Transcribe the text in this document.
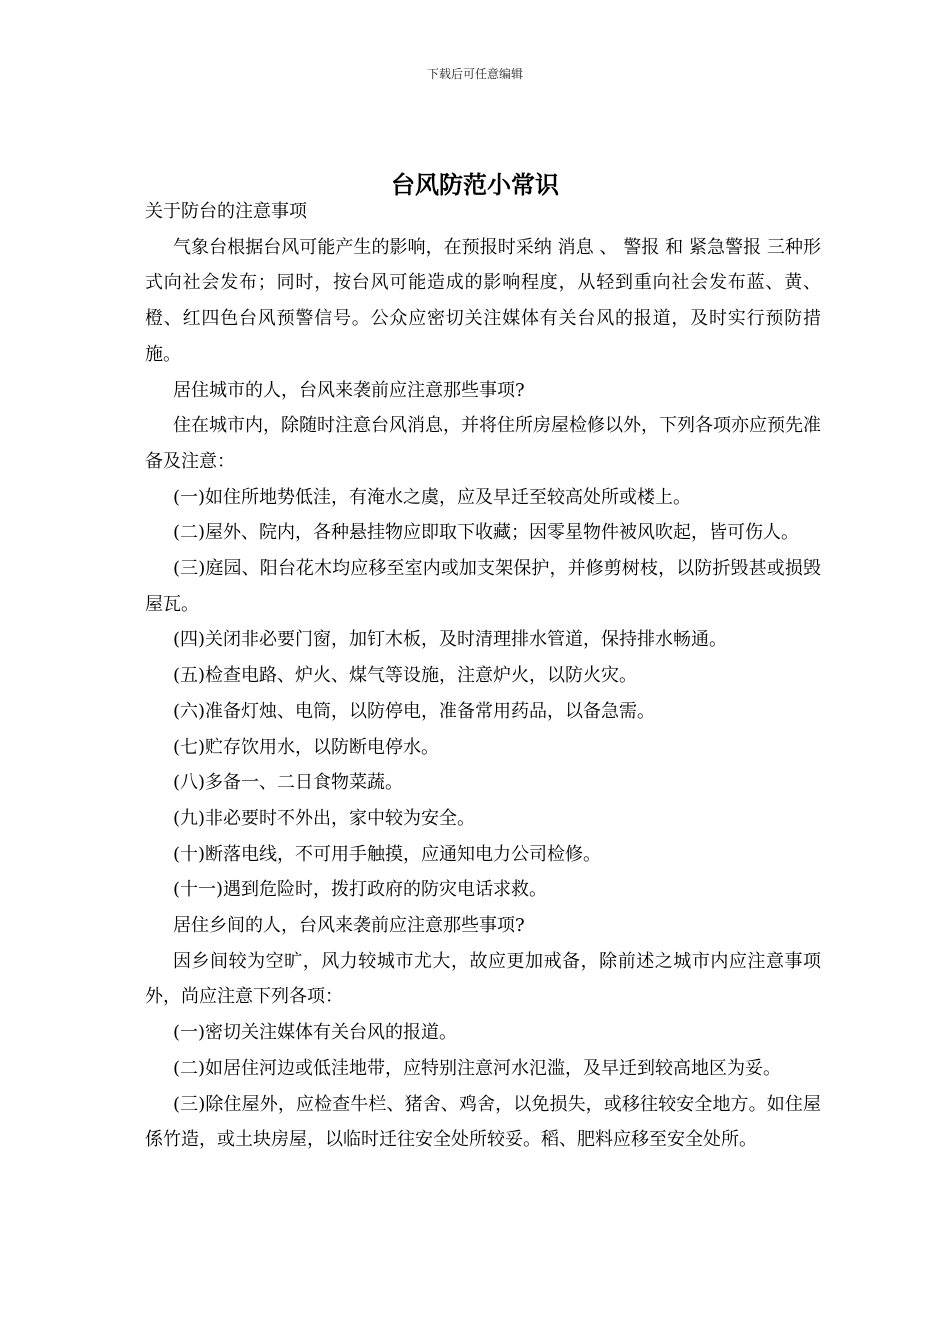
下载后可任意编辑
台风防范小常识

关于防台的注意事项

气象台根据台风可能产生的影响，在预报时采纳 消息 、 警报 和 紧急警报 三种形式向社会发布；同时，按台风可能造成的影响程度，从轻到重向社会发布蓝、黄、橙、红四色台风预警信号。公众应密切关注媒体有关台风的报道，及时实行预防措施。

居住城市的人，台风来袭前应注意那些事项?

住在城市内，除随时注意台风消息，并将住所房屋检修以外，下列各项亦应预先准备及注意：

(一)如住所地势低洼，有淹水之虞，应及早迁至较高处所或楼上。

(二)屋外、院内，各种悬挂物应即取下收藏；因零星物件被风吹起，皆可伤人。

(三)庭园、阳台花木均应移至室内或加支架保护，并修剪树枝，以防折毁甚或损毁屋瓦。

(四)关闭非必要门窗，加钉木板，及时清理排水管道，保持排水畅通。

(五)检查电路、炉火、煤气等设施，注意炉火，以防火灾。

(六)准备灯烛、电筒，以防停电，准备常用药品，以备急需。

(七)贮存饮用水，以防断电停水。

(八)多备一、二日食物菜蔬。

(九)非必要时不外出，家中较为安全。

(十)断落电线，不可用手触摸，应通知电力公司检修。

(十一)遇到危险时，拨打政府的防灾电话求救。

居住乡间的人，台风来袭前应注意那些事项?

因乡间较为空旷，风力较城市尤大，故应更加戒备，除前述之城市内应注意事项外，尚应注意下列各项：

(一)密切关注媒体有关台风的报道。

(二)如居住河边或低洼地带，应特别注意河水氾滥，及早迁到较高地区为妥。

(三)除住屋外，应检查牛栏、猪舍、鸡舍，以免损失，或移往较安全地方。如住屋係竹造，或土块房屋，以临时迁往安全处所较妥。稻、肥料应移至安全处所。
